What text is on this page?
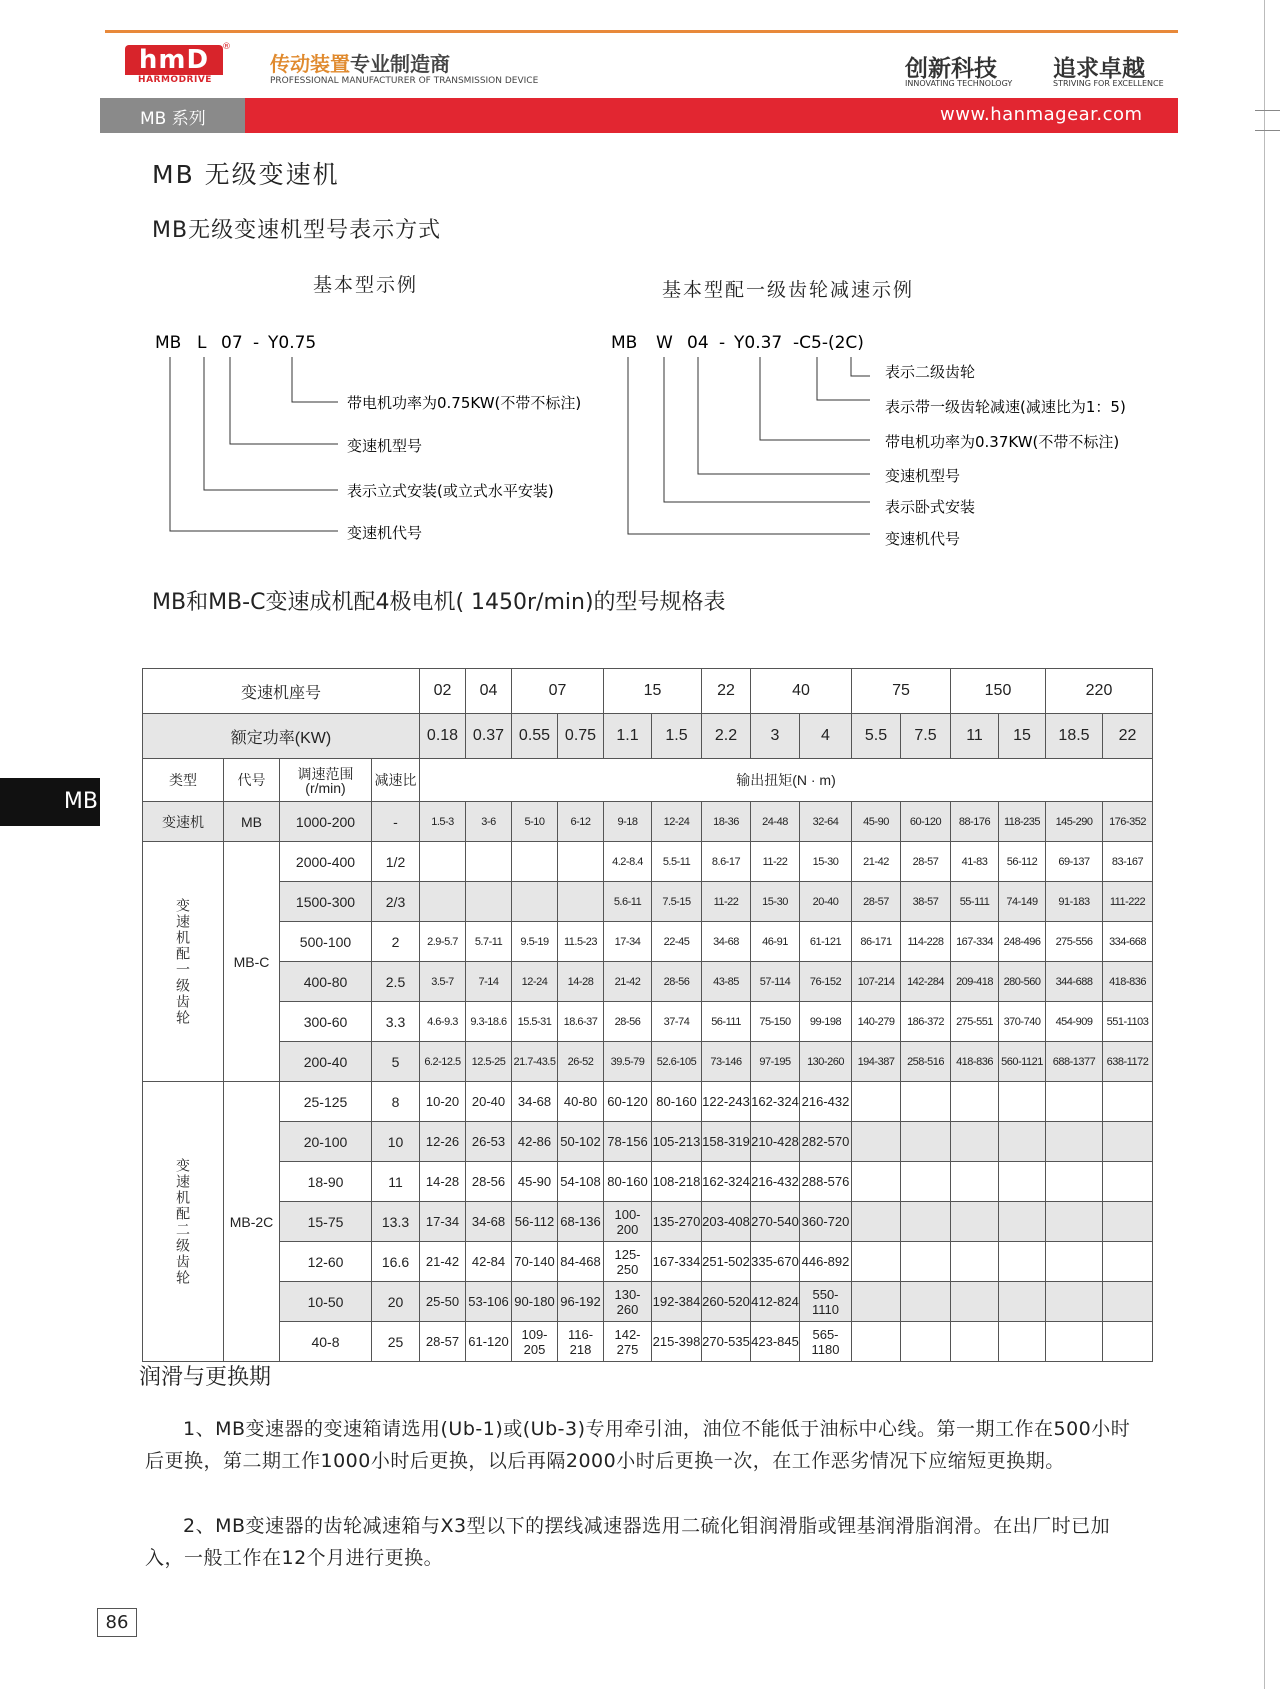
hmD
HARMODRIVE
®
传动装置专业制造商
PROFESSIONAL MANUFACTURER OF TRANSMISSION DEVICE	创新科技
INNOVATING TECHNOLOGY
追求卓越
STRIVING FOR EXCELLENCE
MB 系列	www.hanmagear.com
MB
MB 无级变速机
MB无级变速机型号表示方式
基本型示例	基本型配一级齿轮减速示例
MB L 07 - Y0.75	MB W 04 - Y0.37 -C5-(2C)
带电机功率为0.75KW(不带不标注)
变速机型号
表示立式安装(或立式水平安装)
变速机代号
表示二级齿轮
表示带一级齿轮减速(减速比为1：5)
带电机功率为0.37KW(不带不标注)
变速机型号
表示卧式安装
变速机代号
MB和MB-C变速成机配4极电机( 1450r/min)的型号规格表
变速机座号				02	04	07		15		22	40		75		150		220	
额定功率(KW)				0.18	0.37	0.55	0.75	1.1	1.5	2.2	3	4	5.5	7.5	11	15	18.5	22
类型	代号	调速范围
(r/min)	减速比	输出扭矩(N · m)														
变速机	MB	1000-200	-	1.5-3	3-6	5-10	6-12	9-18	12-24	18-36	24-48	32-64	45-90	60-120	88-176	118-235	145-290	176-352
变速机配一级齿轮	MB-C	2000-400	1/2					4.2-8.4	5.5-11	8.6-17	11-22	15-30	21-42	28-57	41-83	56-112	69-137	83-167
		1500-300	2/3					5.6-11	7.5-15	11-22	15-30	20-40	28-57	38-57	55-111	74-149	91-183	111-222
		500-100	2	2.9-5.7	5.7-11	9.5-19	11.5-23	17-34	22-45	34-68	46-91	61-121	86-171	114-228	167-334	248-496	275-556	334-668
		400-80	2.5	3.5-7	7-14	12-24	14-28	21-42	28-56	43-85	57-114	76-152	107-214	142-284	209-418	280-560	344-688	418-836
		300-60	3.3	4.6-9.3	9.3-18.6	15.5-31	18.6-37	28-56	37-74	56-111	75-150	99-198	140-279	186-372	275-551	370-740	454-909	551-1103
		200-40	5	6.2-12.5	12.5-25	21.7-43.5	26-52	39.5-79	52.6-105	73-146	97-195	130-260	194-387	258-516	418-836	560-1121	688-1377	638-1172
变速机配二级齿轮	MB-2C	25-125	8	10-20	20-40	34-68	40-80	60-120	80-160	122-243	162-324	216-432						
		20-100	10	12-26	26-53	42-86	50-102	78-156	105-213	158-319	210-428	282-570						
		18-90	11	14-28	28-56	45-90	54-108	80-160	108-218	162-324	216-432	288-576						
		15-75	13.3	17-34	34-68	56-112	68-136	100-200	135-270	203-408	270-540	360-720						
		12-60	16.6	21-42	42-84	70-140	84-468	125-250	167-334	251-502	335-670	446-892						
		10-50	20	25-50	53-106	90-180	96-192	130-260	192-384	260-520	412-824	550-1110						
		40-8	25	28-57	61-120	109-205	116-218	142-275	215-398	270-535	423-845	565-1180						
润滑与更换期
1、MB变速器的变速箱请选用(Ub-1)或(Ub-3)专用牵引油，油位不能低于油标中心线。第一期工作在500小时后更换，第二期工作1000小时后更换，以后再隔2000小时后更换一次，在工作恶劣情况下应缩短更换期。
2、MB变速器的齿轮减速箱与X3型以下的摆线减速器选用二硫化钼润滑脂或锂基润滑脂润滑。在出厂时已加入，一般工作在12个月进行更换。
86
